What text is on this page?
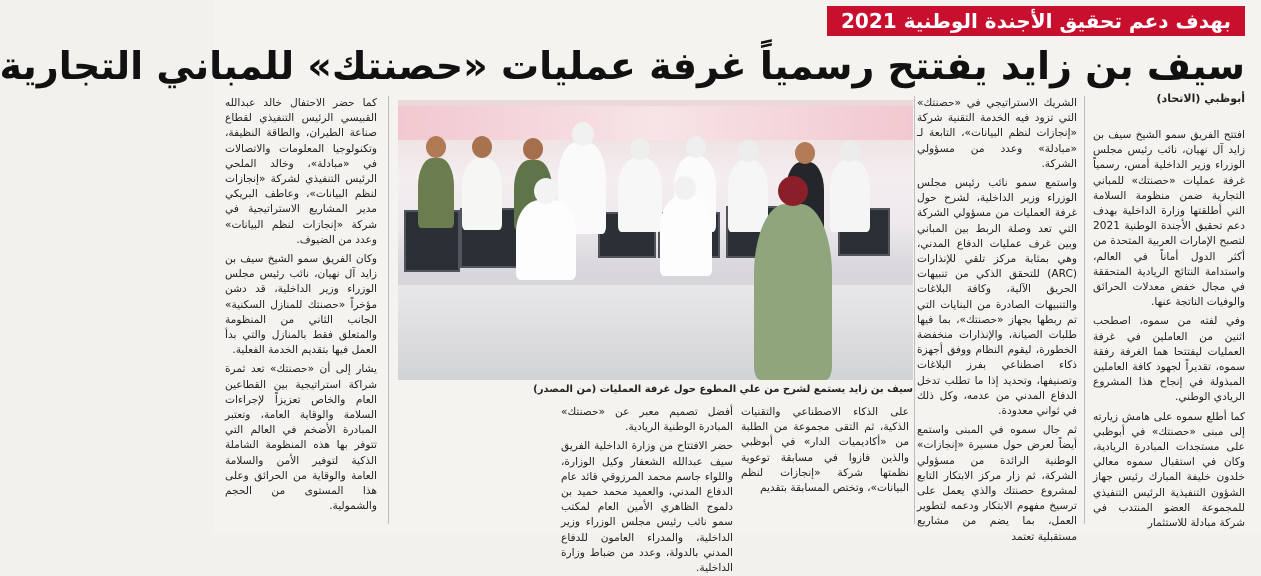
بهدف دعم تحقيق الأجندة الوطنية 2021
سيف بن زايد يفتتح رسمياً غرفة عمليات «حصنتك» للمباني التجارية
أبوظبي (الاتحاد)

افتتح الفريق سمو الشيخ سيف بن زايد آل نهيان، نائب رئيس مجلس الوزراء وزير الداخلية أمس، رسمياً غرفة عمليات «حصنتك» للمباني التجارية ضمن منظومة السلامة التي أطلقتها وزارة الداخلية بهدف دعم تحقيق الأجندة الوطنية 2021 لتصبح الإمارات العربية المتحدة من أكثر الدول أماناً في العالم، واستدامة النتائج الريادية المتحققة في مجال خفض معدلات الحرائق والوفيات الناتجة عنها.

وفي لفته من سموه، اصطحب اثنين من العاملين في غرفة العمليات ليفتتحا هما الغرفة رفقة سموه، تقديراً لجهود كافة العاملين المبذولة في إنجاح هذا المشروع الريادي الوطني.

كما أطلع سموه على هامش زيارته إلى مبنى «حصنتك» في أبوظبي على مستجدات المبادرة الريادية، وكان في استقبال سموه معالي خلدون خليفة المبارك رئيس جهاز الشؤون التنفيذية الرئيس التنفيذي للمجموعة العضو المنتدب في شركة مبادلة للاستثمار

الشريك الاستراتيجي في «حصنتك» التي تزود فيه الخدمة التقنية شركة «إنجازات لنظم البيانات»، التابعة لـ «مبادلة» وعدد من مسؤولي الشركة.

واستمع سمو نائب رئيس مجلس الوزراء وزير الداخلية، لشرح حول غرفة العمليات من مسؤولي الشركة التي تعد وصلة الربط بين المباني وبين غرف عمليات الدفاع المدني، وهي بمثابة مركز تلقي للإنذارات (ARC) للتحقق الذكي من تنبيهات الحريق الآلية، وكافة البلاغات والتنبيهات الصادرة من البنايات التي تم ربطها بجهاز «حصنتك»، بما فيها طلبات الصيانة، والإنذارات منخفضة الخطورة، ليقوم النظام ووفق أجهزة ذكاء اصطناعي بفرز البلاغات وتصنيفها، وتحديد إذا ما تطلب تدخل الدفاع المدني من عدمه، وكل ذلك في ثواني معدودة.

ثم جال سموه في المبنى واستمع أيضاً لعرض حول مسيرة «إنجازات» الوطنية الرائدة من مسؤولي الشركة، ثم زار مركز الابتكار التابع لمشروع حصنتك والذي يعمل على ترسيخ مفهوم الابتكار ودعمه لتطوير العمل، بما يضم من مشاريع مستقبلية تعتمد

سيف بن زايد يستمع لشرح من علي المطوع حول غرفة العمليات (من المصدر)

على الذكاء الاصطناعي والتقنيات الذكية، ثم التقى مجموعة من الطلبة من «أكاديميات الدار» في أبوظبي والذين فازوا في مسابقة توعوية نظمتها شركة «إنجازات لنظم البيانات»، وتختص المسابقة بتقديم

أفضل تصميم معبر عن «حصنتك» المبادرة الوطنية الريادية.

حضر الافتتاح من وزارة الداخلية الفريق سيف عبدالله الشعفار وكيل الوزارة، واللواء جاسم محمد المرزوقي قائد عام الدفاع المدني، والعميد محمد حميد بن دلموج الظاهري الأمين العام لمكتب سمو نائب رئيس مجلس الوزراء وزير الداخلية، والمدراء العامون للدفاع المدني بالدولة، وعدد من ضباط وزارة الداخلية.

كما حضر الاحتفال خالد عبدالله القبيسي الرئيس التنفيذي لقطاع صناعة الطيران، والطاقة النظيفة، وتكنولوجيا المعلومات والاتصالات في «مبادلة»، وخالد الملحي الرئيس التنفيذي لشركة «إنجازات لنظم البيانات»، وعاطف البريكي مدير المشاريع الاستراتيجية في شركة «إنجازات لنظم البيانات» وعدد من الضيوف.

وكان الفريق سمو الشيخ سيف بن زايد آل نهيان، نائب رئيس مجلس الوزراء وزير الداخلية، قد دشن مؤخراً «حصنتك للمنازل السكنية» الجانب الثاني من المنظومة والمتعلق فقط بالمنازل والتي بدأ العمل فيها بتقديم الخدمة الفعلية.

يشار إلى أن «حصنتك» تعد ثمرة شراكة استراتيجية بين القطاعين العام والخاص تعزيزاً لإجراءات السلامة والوقاية العامة، وتعتبر المبادرة الأضخم في العالم التي تتوفر بها هذه المنظومة الشاملة الذكية لتوفير الأمن والسلامة العامة والوقاية من الحرائق وعلى هذا المستوى من الحجم والشمولية.
